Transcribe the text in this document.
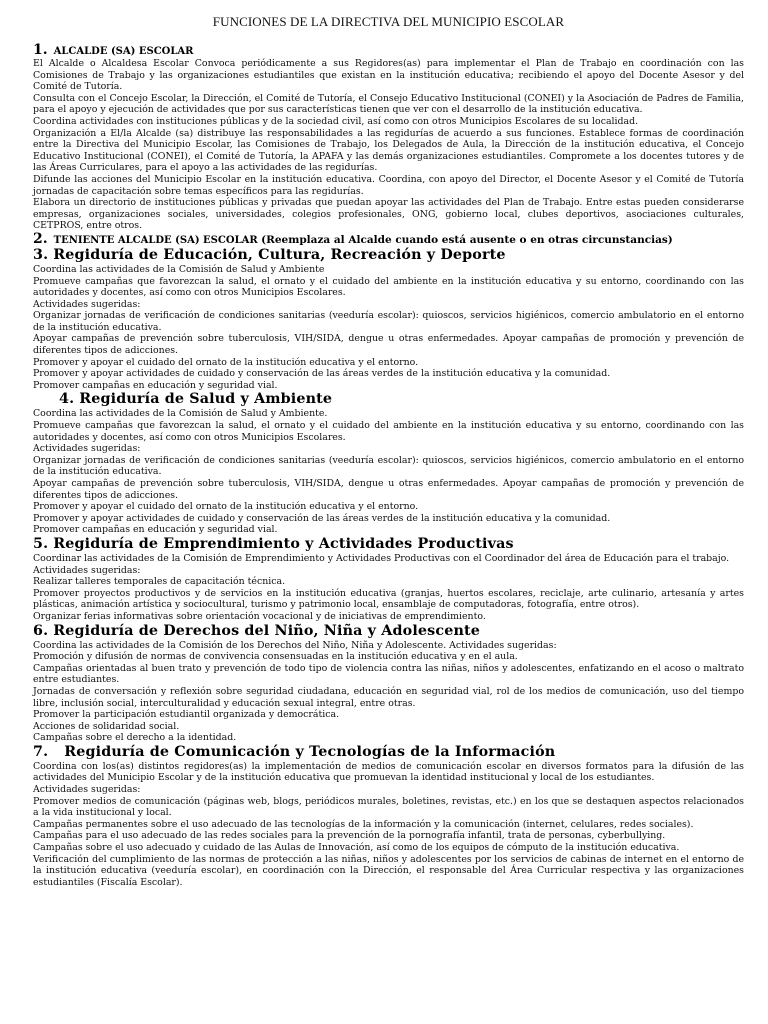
FUNCIONES DE LA DIRECTIVA DEL MUNICIPIO ESCOLAR
1. ALCALDE (SA) ESCOLAR

El Alcalde o Alcaldesa Escolar Convoca periódicamente a sus Regidores(as) para implementar el Plan de Trabajo en coordinación con las Comisiones de Trabajo y las organizaciones estudiantiles que existan en la institución educativa; recibiendo el apoyo del Docente Asesor y del Comité de Tutoría.

Consulta con el Concejo Escolar, la Dirección, el Comité de Tutoría, el Consejo Educativo Institucional (CONEI) y la Asociación de Padres de Familia, para el apoyo y ejecución de actividades que por sus características tienen que ver con el desarrollo de la institución educativa.

Coordina actividades con instituciones públicas y de la sociedad civil, así como con otros Municipios Escolares de su localidad.

Organización a El/la Alcalde (sa) distribuye las responsabilidades a las regidurías de acuerdo a sus funciones. Establece formas de coordinación entre la Directiva del Municipio Escolar, las Comisiones de Trabajo, los Delegados de Aula, la Dirección de la institución educativa, el Concejo Educativo Institucional (CONEI), el Comité de Tutoría, la APAFA y las demás organizaciones estudiantiles. Compromete a los docentes tutores y de las Áreas Curriculares, para el apoyo a las actividades de las regidurías.

Difunde las acciones del Municipio Escolar en la institución educativa. Coordina, con apoyo del Director, el Docente Asesor y el Comité de Tutoría jornadas de capacitación sobre temas específicos para las regidurías.

Elabora un directorio de instituciones públicas y privadas que puedan apoyar las actividades del Plan de Trabajo. Entre estas pueden considerarse empresas, organizaciones sociales, universidades, colegios profesionales, ONG, gobierno local, clubes deportivos, asociaciones culturales, CETPROS, entre otros.

2. TENIENTE ALCALDE (SA) ESCOLAR (Reemplaza al Alcalde cuando está ausente o en otras circunstancias)
3. Regiduría de Educación, Cultura, Recreación y Deporte

Coordina las actividades de la Comisión de Salud y Ambiente

Promueve campañas que favorezcan la salud, el ornato y el cuidado del ambiente en la institución educativa y su entorno, coordinando con las autoridades y docentes, así como con otros Municipios Escolares.

Actividades sugeridas:

Organizar jornadas de verificación de condiciones sanitarias (veeduría escolar): quioscos, servicios higiénicos, comercio ambulatorio en el entorno de la institución educativa.

Apoyar campañas de prevención sobre tuberculosis, VIH/SIDA, dengue u otras enfermedades. Apoyar campañas de promoción y prevención de diferentes tipos de adicciones.

Promover y apoyar el cuidado del ornato de la institución educativa y el entorno.

Promover y apoyar actividades de cuidado y conservación de las áreas verdes de la institución educativa y la comunidad.

Promover campañas en educación y seguridad vial.

4. Regiduría de Salud y Ambiente

Coordina las actividades de la Comisión de Salud y Ambiente.

Promueve campañas que favorezcan la salud, el ornato y el cuidado del ambiente en la institución educativa y su entorno, coordinando con las autoridades y docentes, así como con otros Municipios Escolares.

Actividades sugeridas:

Organizar jornadas de verificación de condiciones sanitarias (veeduría escolar): quioscos, servicios higiénicos, comercio ambulatorio en el entorno de la institución educativa.

Apoyar campañas de prevención sobre tuberculosis, VIH/SIDA, dengue u otras enfermedades. Apoyar campañas de promoción y prevención de diferentes tipos de adicciones.

Promover y apoyar el cuidado del ornato de la institución educativa y el entorno.

Promover y apoyar actividades de cuidado y conservación de las áreas verdes de la institución educativa y la comunidad.

Promover campañas en educación y seguridad vial.

5. Regiduría de Emprendimiento y Actividades Productivas

Coordinar las actividades de la Comisión de Emprendimiento y Actividades Productivas con el Coordinador del área de Educación para el trabajo.

Actividades sugeridas:

Realizar talleres temporales de capacitación técnica.

Promover proyectos productivos y de servicios en la institución educativa (granjas, huertos escolares, reciclaje, arte culinario, artesanía y artes plásticas, animación artística y sociocultural, turismo y patrimonio local, ensamblaje de computadoras, fotografía, entre otros).

Organizar ferias informativas sobre orientación vocacional y de iniciativas de emprendimiento.

6. Regiduría de Derechos del Niño, Niña y Adolescente

Coordina las actividades de la Comisión de los Derechos del Niño, Niña y Adolescente. Actividades sugeridas:

Promoción y difusión de normas de convivencia consensuadas en la institución educativa y en el aula.

Campañas orientadas al buen trato y prevención de todo tipo de violencia contra las niñas, niños y adolescentes, enfatizando en el acoso o maltrato entre estudiantes.

Jornadas de conversación y reflexión sobre seguridad ciudadana, educación en seguridad vial, rol de los medios de comunicación, uso del tiempo libre, inclusión social, interculturalidad y educación sexual integral, entre otras.

Promover la participación estudiantil organizada y democrática.

Acciones de solidaridad social.

Campañas sobre el derecho a la identidad.

7. Regiduría de Comunicación y Tecnologías de la Información

Coordina con los(as) distintos regidores(as) la implementación de medios de comunicación escolar en diversos formatos para la difusión de las actividades del Municipio Escolar y de la institución educativa que promuevan la identidad institucional y local de los estudiantes.

Actividades sugeridas:

Promover medios de comunicación (páginas web, blogs, periódicos murales, boletines, revistas, etc.) en los que se destaquen aspectos relacionados a la vida institucional y local.

Campañas permanentes sobre el uso adecuado de las tecnologías de la información y la comunicación (internet, celulares, redes sociales).

Campañas para el uso adecuado de las redes sociales para la prevención de la pornografía infantil, trata de personas, cyberbullying.

Campañas sobre el uso adecuado y cuidado de las Aulas de Innovación, así como de los equipos de cómputo de la institución educativa.

Verificación del cumplimiento de las normas de protección a las niñas, niños y adolescentes por los servicios de cabinas de internet en el entorno de la institución educativa (veeduría escolar), en coordinación con la Dirección, el responsable del Área Curricular respectiva y las organizaciones estudiantiles (Fiscalía Escolar).
